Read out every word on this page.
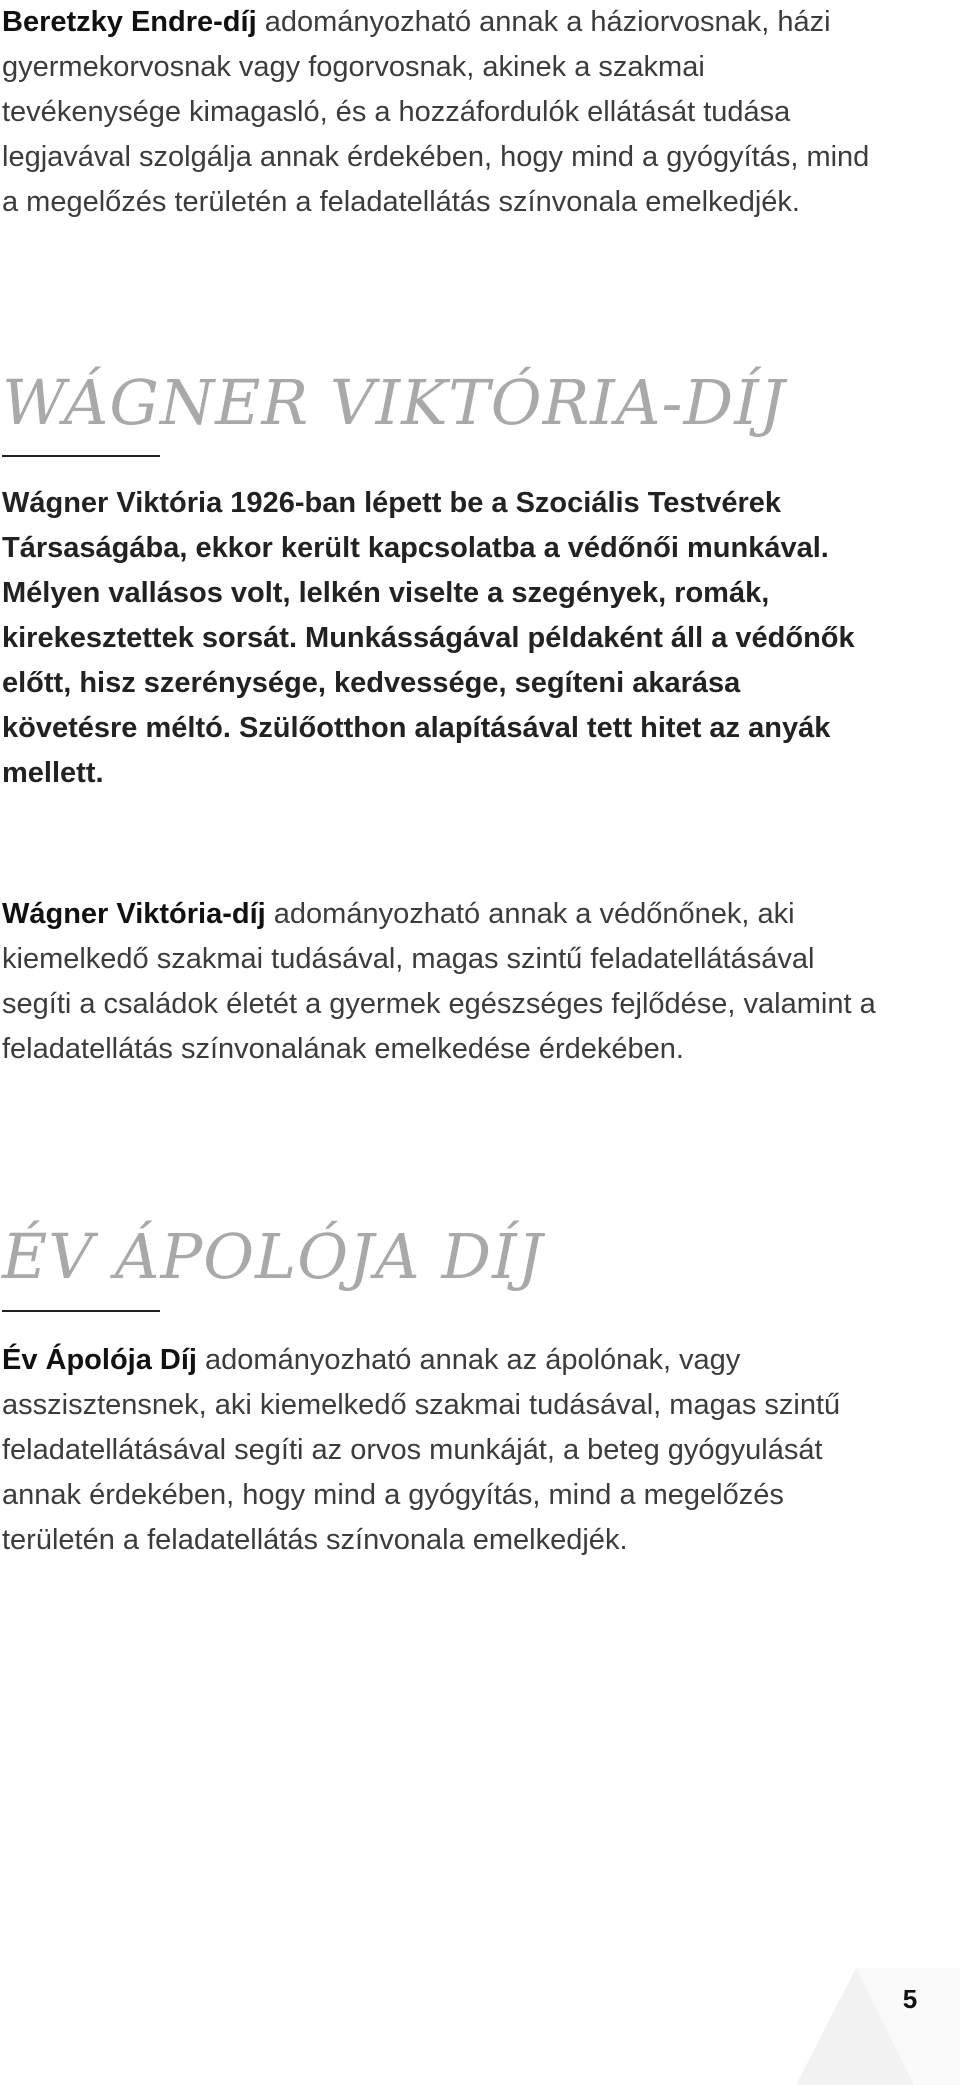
Beretzky Endre-díj adományozható annak a háziorvosnak, házi gyermekorvosnak vagy fogorvosnak, akinek a szakmai tevékenysége kimagasló, és a hozzáfordulók ellátását tudása legjavával szolgálja annak érdekében, hogy mind a gyógyítás, mind a megelőzés területén a feladatellátás színvonala emelkedjék.

WÁGNER VIKTÓRIA-DÍJ

Wágner Viktória 1926-ban lépett be a Szociális Testvérek Társaságába, ekkor került kapcsolatba a védőnői munkával. Mélyen vallásos volt, lelkén viselte a szegények, romák, kirekesztettek sorsát. Munkásságával példaként áll a védőnők előtt, hisz szerénysége, kedvessége, segíteni akarása követésre méltó. Szülőotthon alapításával tett hitet az anyák mellett.

Wágner Viktória-díj adományozható annak a védőnőnek, aki kiemelkedő szakmai tudásával, magas szintű feladatellátásával segíti a családok életét a gyermek egészséges fejlődése, valamint a feladatellátás színvonalának emelkedése érdekében.

ÉV ÁPOLÓJA DÍJ

Év Ápolója Díj adományozható annak az ápolónak, vagy asszisztensnek, aki kiemelkedő szakmai tudásával, magas szintű feladatellátásával segíti az orvos munkáját, a beteg gyógyulását annak érdekében, hogy mind a gyógyítás, mind a megelőzés területén a feladatellátás színvonala emelkedjék.

5
